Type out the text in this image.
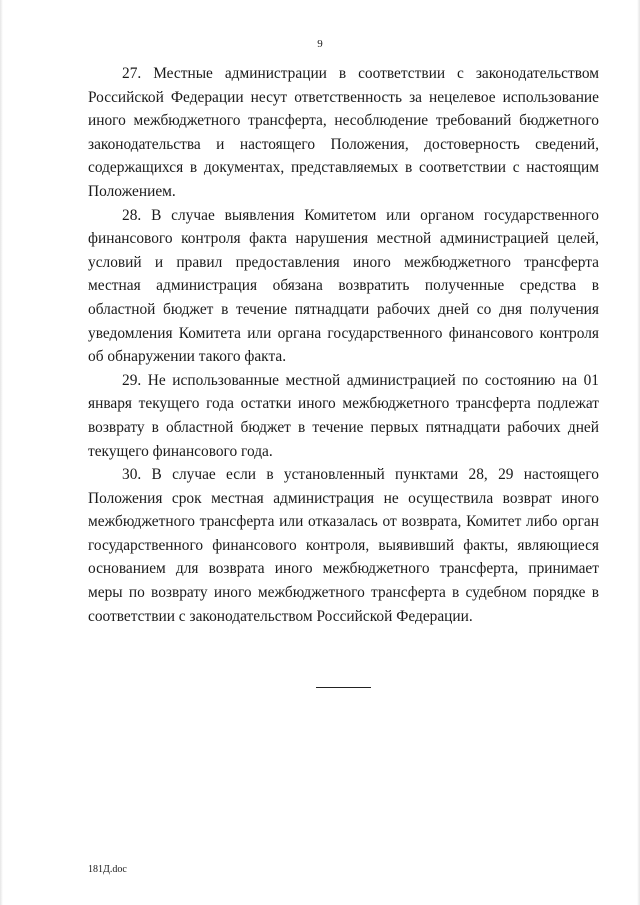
9

27. Местные администрации в соответствии с законодательством Российской Федерации несут ответственность за нецелевое использование иного межбюджетного трансферта, несоблюдение требований бюджетного законодательства и настоящего Положения, достоверность сведений, содержащихся в документах, представляемых в соответствии с настоящим Положением.

28. В случае выявления Комитетом или органом государственного финансового контроля факта нарушения местной администрацией целей, условий и правил предоставления иного межбюджетного трансферта местная администрация обязана возвратить полученные средства в областной бюджет в течение пятнадцати рабочих дней со дня получения уведомления Комитета или органа государственного финансового контроля об обнаружении такого факта.

29. Не использованные местной администрацией по состоянию на 01 января текущего года остатки иного межбюджетного трансферта подлежат возврату в областной бюджет в течение первых пятнадцати рабочих дней текущего финансового года.

30. В случае если в установленный пунктами 28, 29 настоящего Положения срок местная администрация не осуществила возврат иного межбюджетного трансферта или отказалась от возврата, Комитет либо орган государственного финансового контроля, выявивший факты, являющиеся основанием для возврата иного межбюджетного трансферта, принимает меры по возврату иного межбюджетного трансферта в судебном порядке в соответствии с законодательством Российской Федерации.

181Д.doc
